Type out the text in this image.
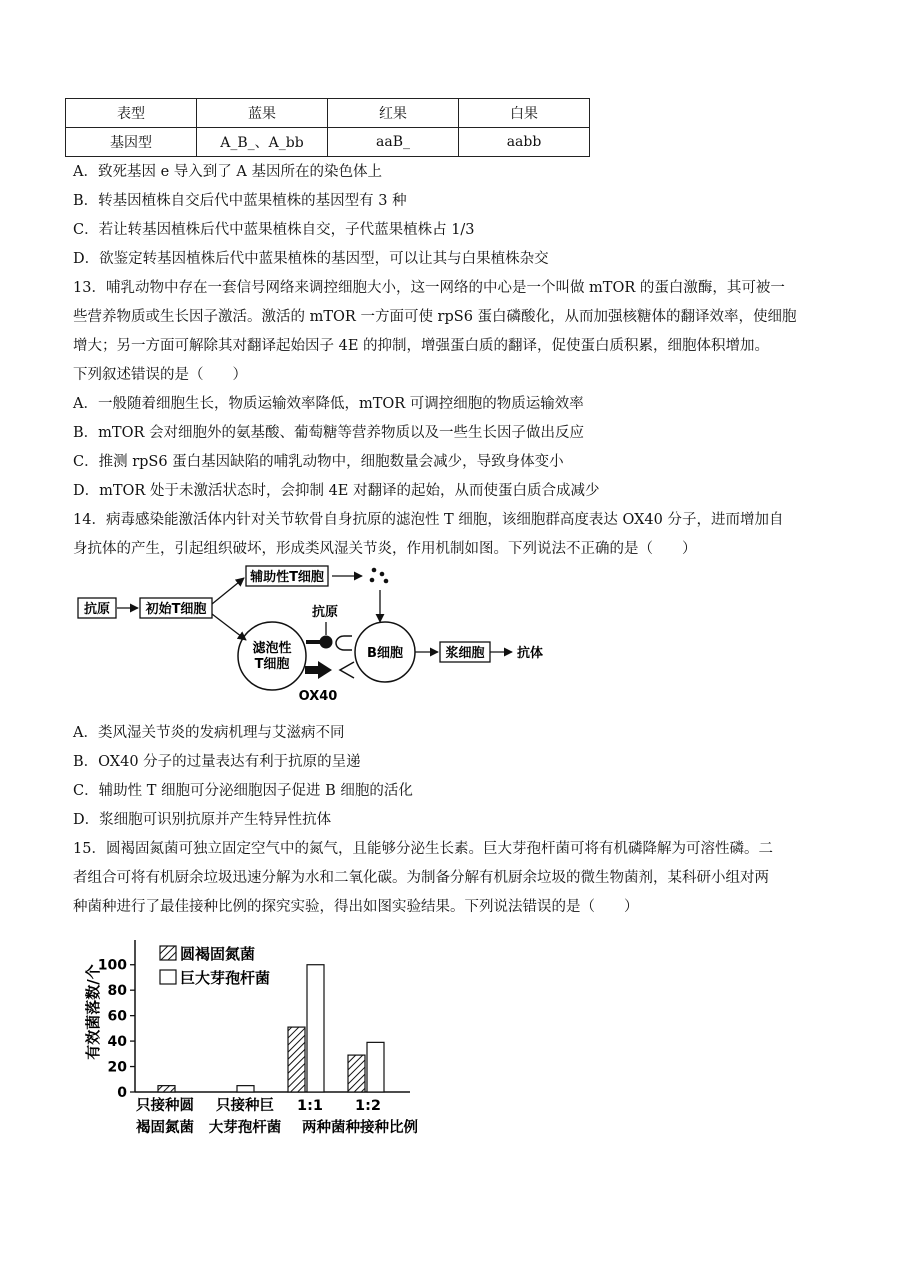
表型	蓝果	红果	白果
基因型	A_B_、A_bb	aaB_	aabb
A．致死基因 e 导入到了 A 基因所在的染色体上
B．转基因植株自交后代中蓝果植株的基因型有 3 种
C．若让转基因植株后代中蓝果植株自交，子代蓝果植株占 1/3
D．欲鉴定转基因植株后代中蓝果植株的基因型，可以让其与白果植株杂交
13．哺乳动物中存在一套信号网络来调控细胞大小，这一网络的中心是一个叫做 mTOR 的蛋白激酶，其可被一
些营养物质或生长因子激活。激活的 mTOR 一方面可使 rpS6 蛋白磷酸化，从而加强核糖体的翻译效率，使细胞
增大；另一方面可解除其对翻译起始因子 4E 的抑制，增强蛋白质的翻译，促使蛋白质积累，细胞体积增加。
下列叙述错误的是（　　）
A．一般随着细胞生长，物质运输效率降低，mTOR 可调控细胞的物质运输效率
B．mTOR 会对细胞外的氨基酸、葡萄糖等营养物质以及一些生长因子做出反应
C．推测 rpS6 蛋白基因缺陷的哺乳动物中，细胞数量会减少，导致身体变小
D．mTOR 处于未激活状态时，会抑制 4E 对翻译的起始，从而使蛋白质合成减少
14．病毒感染能激活体内针对关节软骨自身抗原的滤泡性 T 细胞，该细胞群高度表达 OX40 分子，进而增加自
身抗体的产生，引起组织破坏，形成类风湿关节炎，作用机制如图。下列说法不正确的是（　　）
抗原	初始T细胞
辅助性T细胞
滤泡性
T细胞
抗原
OX40
B细胞	浆细胞 抗体
A．类风湿关节炎的发病机理与艾滋病不同
B．OX40 分子的过量表达有利于抗原的呈递
C．辅助性 T 细胞可分泌细胞因子促进 B 细胞的活化
D．浆细胞可识别抗原并产生特异性抗体
15．圆褐固氮菌可独立固定空气中的氮气，且能够分泌生长素。巨大芽孢杆菌可将有机磷降解为可溶性磷。二
者组合可将有机厨余垃圾迅速分解为水和二氧化碳。为制备分解有机厨余垃圾的微生物菌剂，某科研小组对两
种菌种进行了最佳接种比例的探究实验，得出如图实验结果。下列说法错误的是（　　）
0
20
40
60
80
100
有效菌落数/个
圆褐固氮菌
巨大芽孢杆菌
只接种圆
褐固氮菌
只接种巨
大芽孢杆菌
1:1 1:2
两种菌种接种比例
